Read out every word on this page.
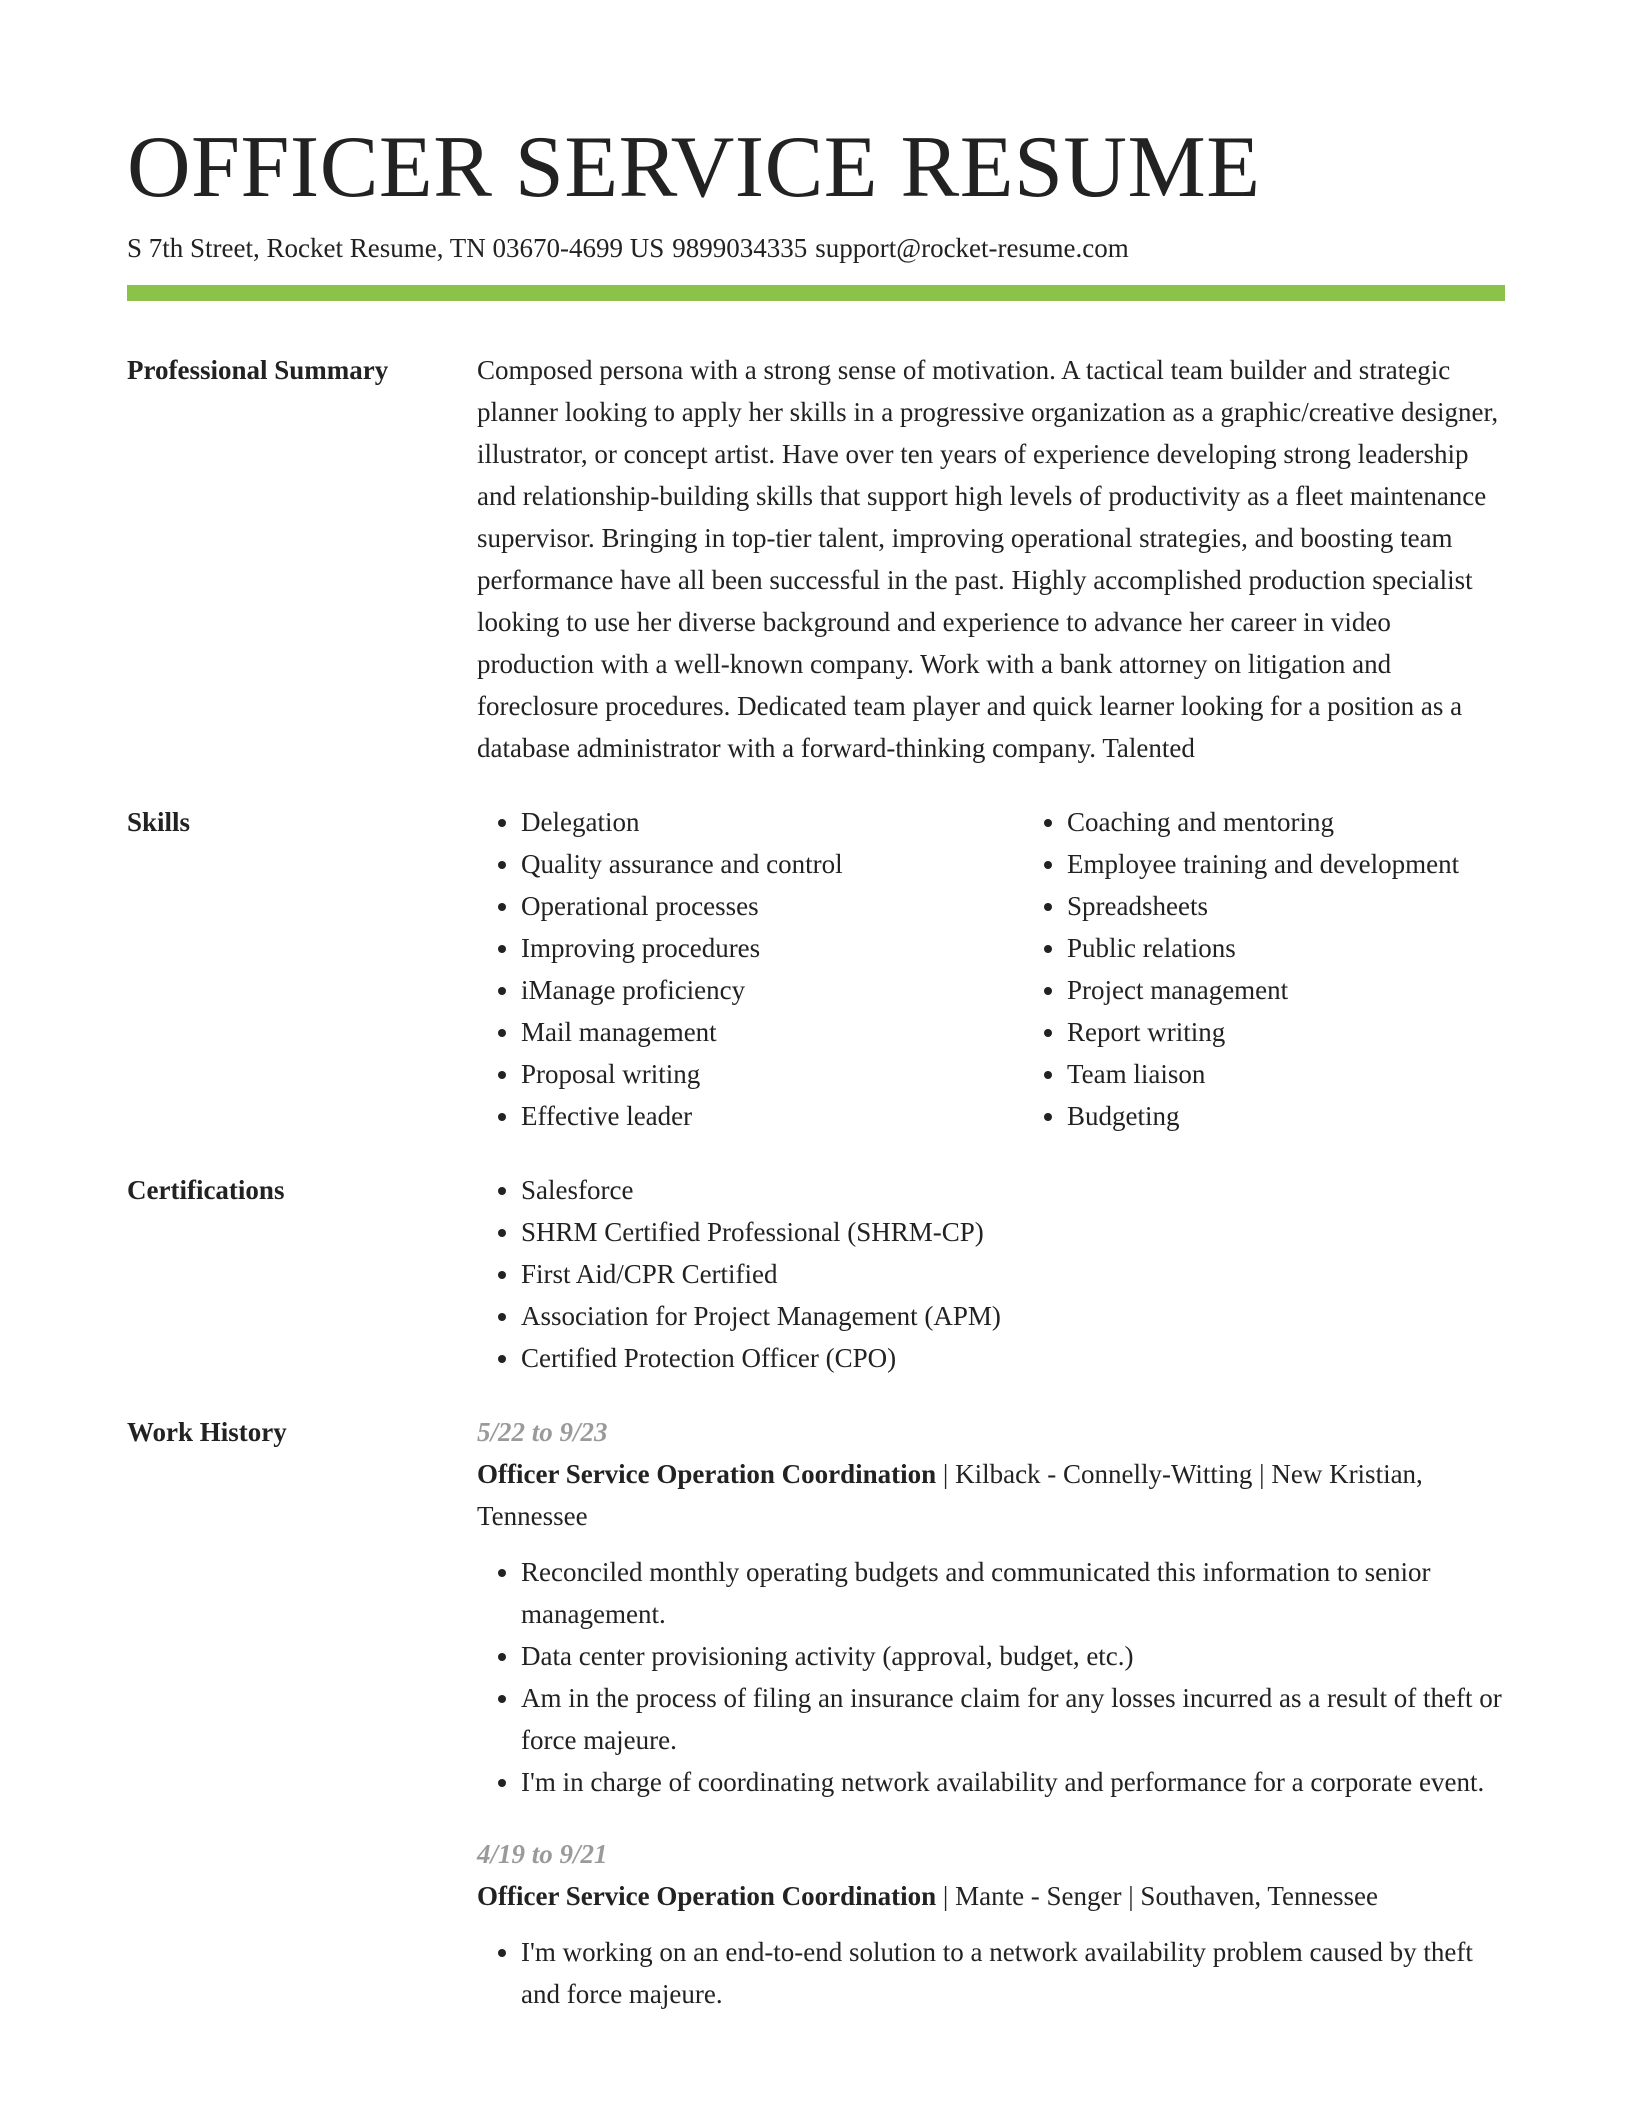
OFFICER SERVICE RESUME
S 7th Street, Rocket Resume, TN 03670-4699 US 9899034335 support@rocket-resume.com
Professional Summary	Composed persona with a strong sense of motivation. A tactical team builder and strategic planner looking to apply her skills in a progressive organization as a graphic/creative designer, illustrator, or concept artist. Have over ten years of experience developing strong leadership and relationship-building skills that support high levels of productivity as a fleet maintenance supervisor. Bringing in top-tier talent, improving operational strategies, and boosting team performance have all been successful in the past. Highly accomplished production specialist looking to use her diverse background and experience to advance her career in video production with a well-known company. Work with a bank attorney on litigation and foreclosure procedures. Dedicated team player and quick learner looking for a position as a database administrator with a forward-thinking company. Talented

Skills	• Delegation
• Quality assurance and control
• Operational processes
• Improving procedures
• iManage proficiency
• Mail management
• Proposal writing
• Effective leader
• Coaching and mentoring
• Employee training and development
• Spreadsheets
• Public relations
• Project management
• Report writing
• Team liaison
• Budgeting
Certifications	• Salesforce
• SHRM Certified Professional (SHRM-CP)
• First Aid/CPR Certified
• Association for Project Management (APM)
• Certified Protection Officer (CPO)
Work History	5/22 to 9/23
Officer Service Operation Coordination | Kilback - Connelly-Witting | New Kristian, Tennessee
• Reconciled monthly operating budgets and communicated this information to senior management.
• Data center provisioning activity (approval, budget, etc.)
• Am in the process of filing an insurance claim for any losses incurred as a result of theft or force majeure.
• I'm in charge of coordinating network availability and performance for a corporate event.
4/19 to 9/21
Officer Service Operation Coordination | Mante - Senger | Southaven, Tennessee
• I'm working on an end-to-end solution to a network availability problem caused by theft and force majeure.
